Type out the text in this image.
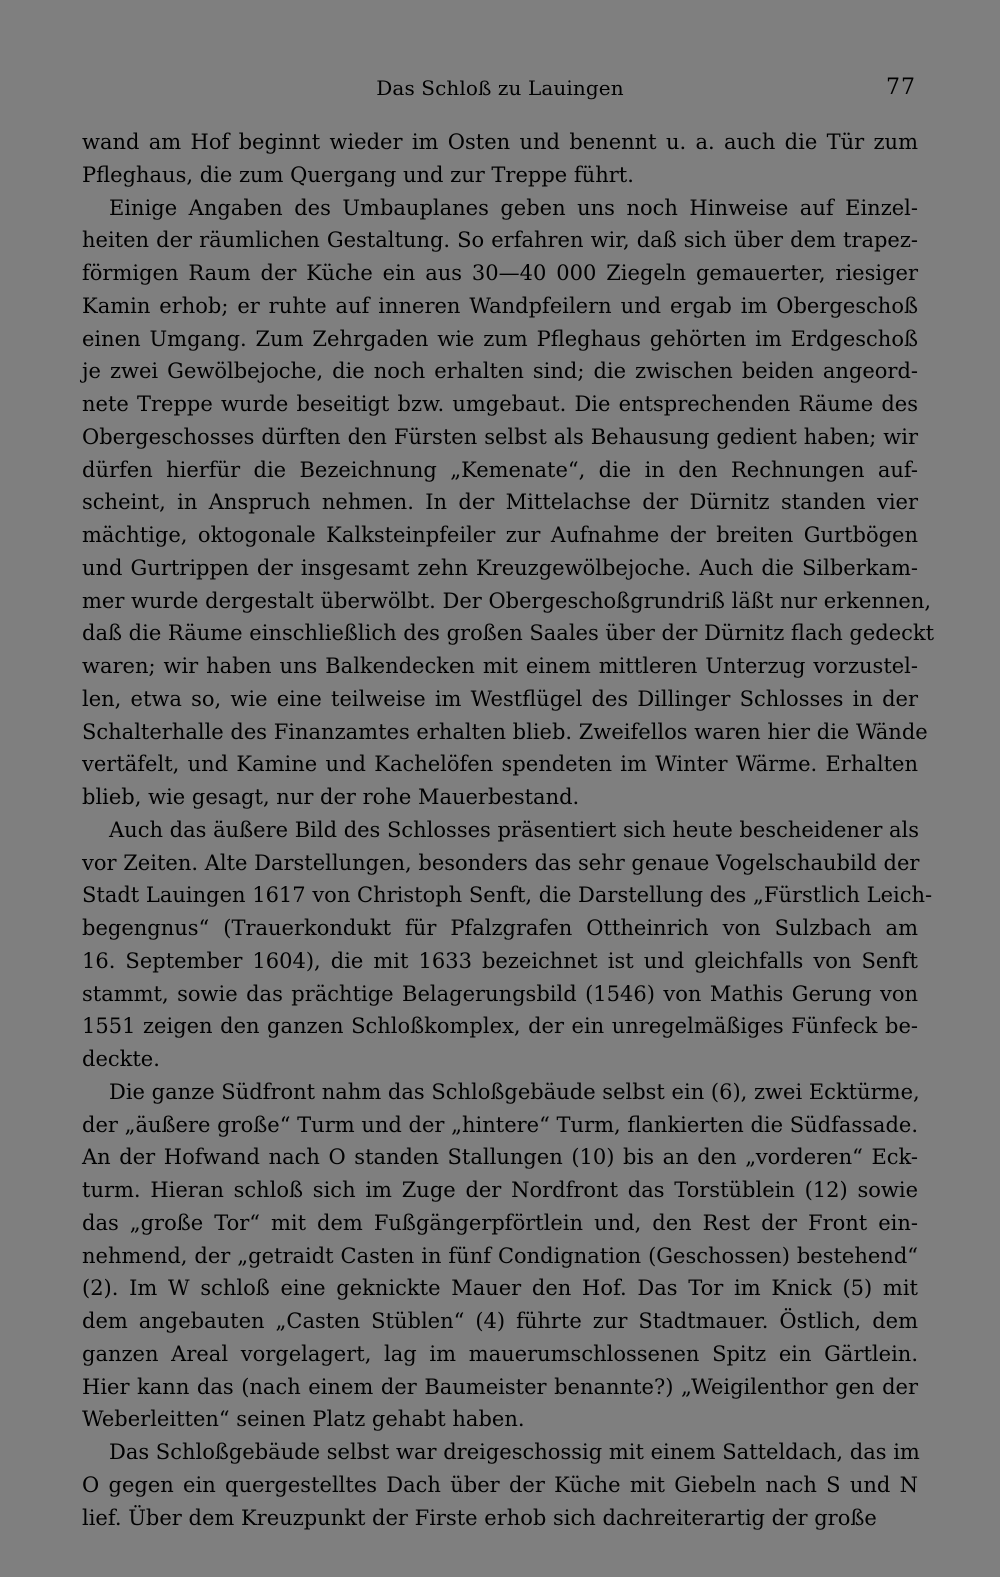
Das Schloß zu Lauingen	77
wand am Hof beginnt wieder im Osten und benennt u. a. auch die Tür zum
Pfleghaus, die zum Quergang und zur Treppe führt.
Einige Angaben des Umbauplanes geben uns noch Hinweise auf Einzel-
heiten der räumlichen Gestaltung. So erfahren wir, daß sich über dem trapez-
förmigen Raum der Küche ein aus 30—40 000 Ziegeln gemauerter, riesiger
Kamin erhob; er ruhte auf inneren Wandpfeilern und ergab im Obergeschoß
einen Umgang. Zum Zehrgaden wie zum Pfleghaus gehörten im Erdgeschoß
je zwei Gewölbejoche, die noch erhalten sind; die zwischen beiden angeord-
nete Treppe wurde beseitigt bzw. umgebaut. Die entsprechenden Räume des
Obergeschosses dürften den Fürsten selbst als Behausung gedient haben; wir
dürfen hierfür die Bezeichnung „Kemenate“, die in den Rechnungen auf-
scheint, in Anspruch nehmen. In der Mittelachse der Dürnitz standen vier
mächtige, oktogonale Kalksteinpfeiler zur Aufnahme der breiten Gurtbögen
und Gurtrippen der insgesamt zehn Kreuzgewölbejoche. Auch die Silberkam-
mer wurde dergestalt überwölbt. Der Obergeschoßgrundriß läßt nur erkennen,
daß die Räume einschließlich des großen Saales über der Dürnitz flach gedeckt
waren; wir haben uns Balkendecken mit einem mittleren Unterzug vorzustel-
len, etwa so, wie eine teilweise im Westflügel des Dillinger Schlosses in der
Schalterhalle des Finanzamtes erhalten blieb. Zweifellos waren hier die Wände
vertäfelt, und Kamine und Kachelöfen spendeten im Winter Wärme. Erhalten
blieb, wie gesagt, nur der rohe Mauerbestand.
Auch das äußere Bild des Schlosses präsentiert sich heute bescheidener als
vor Zeiten. Alte Darstellungen, besonders das sehr genaue Vogelschaubild der
Stadt Lauingen 1617 von Christoph Senft, die Darstellung des „Fürstlich Leich-
begengnus“ (Trauerkondukt für Pfalzgrafen Ottheinrich von Sulzbach am
16. September 1604), die mit 1633 bezeichnet ist und gleichfalls von Senft
stammt, sowie das prächtige Belagerungsbild (1546) von Mathis Gerung von
1551 zeigen den ganzen Schloßkomplex, der ein unregelmäßiges Fünfeck be-
deckte.
Die ganze Südfront nahm das Schloßgebäude selbst ein (6), zwei Ecktürme,
der „äußere große“ Turm und der „hintere“ Turm, flankierten die Südfassade.
An der Hofwand nach O standen Stallungen (10) bis an den „vorderen“ Eck-
turm. Hieran schloß sich im Zuge der Nordfront das Torstüblein (12) sowie
das „große Tor“ mit dem Fußgängerpförtlein und, den Rest der Front ein-
nehmend, der „getraidt Casten in fünf Condignation (Geschossen) bestehend“
(2). Im W schloß eine geknickte Mauer den Hof. Das Tor im Knick (5) mit
dem angebauten „Casten Stüblen“ (4) führte zur Stadtmauer. Östlich, dem
ganzen Areal vorgelagert, lag im mauerumschlossenen Spitz ein Gärtlein.
Hier kann das (nach einem der Baumeister benannte?) „Weigilenthor gen der
Weberleitten“ seinen Platz gehabt haben.
Das Schloßgebäude selbst war dreigeschossig mit einem Satteldach, das im
O gegen ein quergestelltes Dach über der Küche mit Giebeln nach S und N
lief. Über dem Kreuzpunkt der Firste erhob sich dachreiterartig der große
